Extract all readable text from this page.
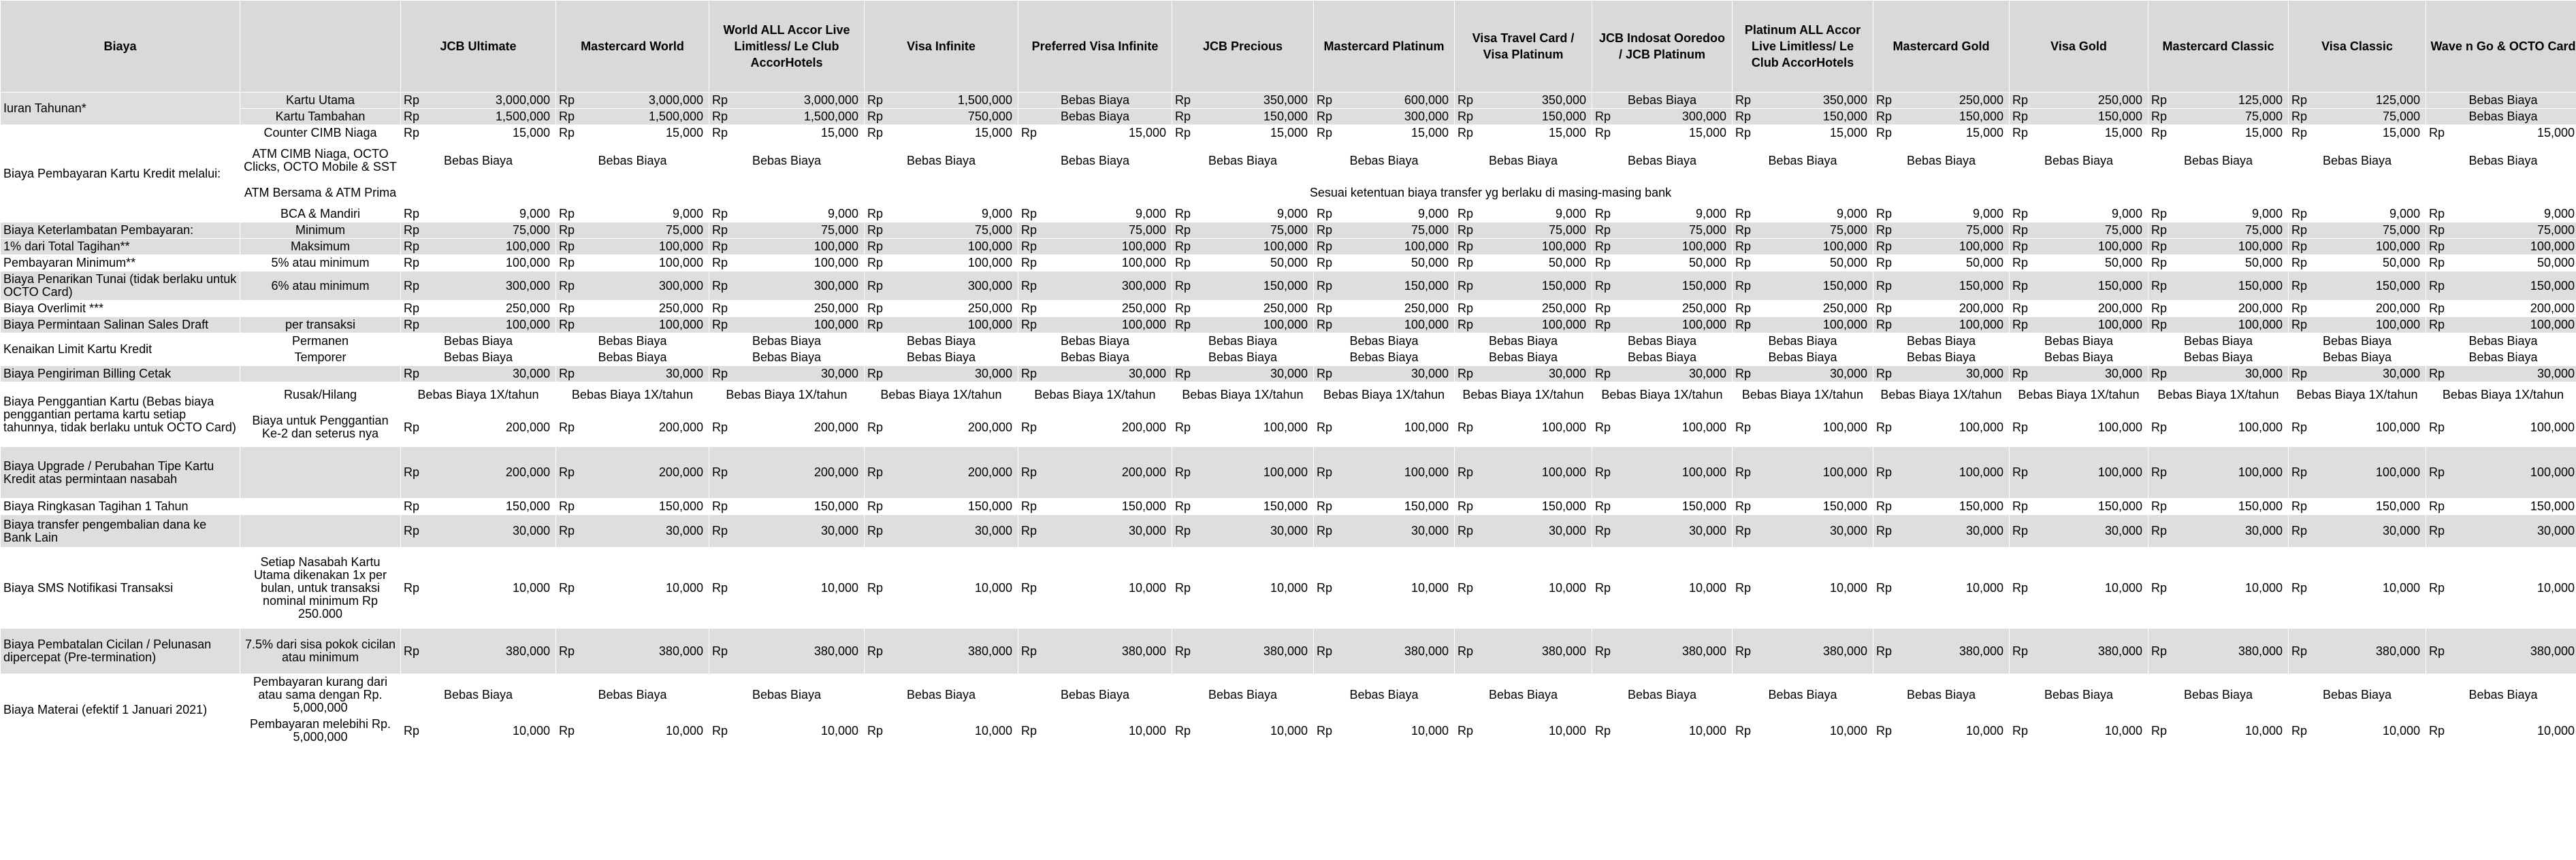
Biaya		JCB Ultimate	Mastercard World	World ALL Accor Live Limitless/ Le Club AccorHotels	Visa Infinite	Preferred Visa Infinite	JCB Precious	Mastercard Platinum	Visa Travel Card / Visa Platinum	JCB Indosat Ooredoo / JCB Platinum	Platinum ALL Accor Live Limitless/ Le Club AccorHotels	Mastercard Gold	Visa Gold	Mastercard Classic	Visa Classic	Wave n Go & OCTO Card
Iuran Tahunan*	Kartu Utama	Rp 3,000,000	Rp 3,000,000	Rp 3,000,000	Rp 1,500,000	Bebas Biaya	Rp 350,000	Rp 600,000	Rp 350,000	Bebas Biaya	Rp 350,000	Rp 250,000	Rp 250,000	Rp 125,000	Rp 125,000	Bebas Biaya
	Kartu Tambahan	Rp 1,500,000	Rp 1,500,000	Rp 1,500,000	Rp 750,000	Bebas Biaya	Rp 150,000	Rp 300,000	Rp 150,000	Rp 300,000	Rp 150,000	Rp 150,000	Rp 150,000	Rp 75,000	Rp 75,000	Bebas Biaya
Biaya Pembayaran Kartu Kredit melalui:	Counter CIMB Niaga	Rp 15,000	Rp 15,000	Rp 15,000	Rp 15,000	Rp 15,000	Rp 15,000	Rp 15,000	Rp 15,000	Rp 15,000	Rp 15,000	Rp 15,000	Rp 15,000	Rp 15,000	Rp 15,000	Rp 15,000

	ATM CIMB Niaga, OCTO Clicks, OCTO Mobile & SST	Bebas Biaya	Bebas Biaya	Bebas Biaya	Bebas Biaya	Bebas Biaya	Bebas Biaya	Bebas Biaya	Bebas Biaya	Bebas Biaya	Bebas Biaya	Bebas Biaya	Bebas Biaya	Bebas Biaya	Bebas Biaya	Bebas Biaya
	ATM Bersama & ATM Prima	Sesuai ketentuan biaya transfer yg berlaku di masing-masing bank														
	BCA & Mandiri	Rp 9,000	Rp 9,000	Rp 9,000	Rp 9,000	Rp 9,000	Rp 9,000	Rp 9,000	Rp 9,000	Rp 9,000	Rp 9,000	Rp 9,000	Rp 9,000	Rp 9,000	Rp 9,000	Rp 9,000

Biaya Keterlambatan Pembayaran:	Minimum	Rp 75,000	Rp 75,000	Rp 75,000	Rp 75,000	Rp 75,000	Rp 75,000	Rp 75,000	Rp 75,000	Rp 75,000	Rp 75,000	Rp 75,000	Rp 75,000	Rp 75,000	Rp 75,000	Rp 75,000

1% dari Total Tagihan**	Maksimum	Rp 100,000	Rp 100,000	Rp 100,000	Rp 100,000	Rp 100,000	Rp 100,000	Rp 100,000	Rp 100,000	Rp 100,000	Rp 100,000	Rp 100,000	Rp 100,000	Rp 100,000	Rp 100,000	Rp 100,000

Pembayaran Minimum**	5% atau minimum	Rp 100,000	Rp 100,000	Rp 100,000	Rp 100,000	Rp 100,000	Rp 50,000	Rp 50,000	Rp 50,000	Rp 50,000	Rp 50,000	Rp 50,000	Rp 50,000	Rp 50,000	Rp 50,000	Rp 50,000

Biaya Penarikan Tunai (tidak berlaku untuk OCTO Card)	6% atau minimum	Rp 300,000	Rp 300,000	Rp 300,000	Rp 300,000	Rp 300,000	Rp 150,000	Rp 150,000	Rp 150,000	Rp 150,000	Rp 150,000	Rp 150,000	Rp 150,000	Rp 150,000	Rp 150,000	Rp 150,000

Biaya Overlimit ***		Rp 250,000	Rp 250,000	Rp 250,000	Rp 250,000	Rp 250,000	Rp 250,000	Rp 250,000	Rp 250,000	Rp 250,000	Rp 250,000	Rp 200,000	Rp 200,000	Rp 200,000	Rp 200,000	Rp 200,000

Biaya Permintaan Salinan Sales Draft	per transaksi	Rp 100,000	Rp 100,000	Rp 100,000	Rp 100,000	Rp 100,000	Rp 100,000	Rp 100,000	Rp 100,000	Rp 100,000	Rp 100,000	Rp 100,000	Rp 100,000	Rp 100,000	Rp 100,000	Rp 100,000

Kenaikan Limit Kartu Kredit	Permanen	Bebas Biaya	Bebas Biaya	Bebas Biaya	Bebas Biaya	Bebas Biaya	Bebas Biaya	Bebas Biaya	Bebas Biaya	Bebas Biaya	Bebas Biaya	Bebas Biaya	Bebas Biaya	Bebas Biaya	Bebas Biaya	Bebas Biaya
	Temporer	Bebas Biaya	Bebas Biaya	Bebas Biaya	Bebas Biaya	Bebas Biaya	Bebas Biaya	Bebas Biaya	Bebas Biaya	Bebas Biaya	Bebas Biaya	Bebas Biaya	Bebas Biaya	Bebas Biaya	Bebas Biaya	Bebas Biaya
Biaya Pengiriman Billing Cetak		Rp 30,000	Rp 30,000	Rp 30,000	Rp 30,000	Rp 30,000	Rp 30,000	Rp 30,000	Rp 30,000	Rp 30,000	Rp 30,000	Rp 30,000	Rp 30,000	Rp 30,000	Rp 30,000	Rp 30,000

Biaya Penggantian Kartu (Bebas biaya penggantian pertama kartu setiap tahunnya, tidak berlaku untuk OCTO Card)	Rusak/Hilang	Bebas Biaya 1X/tahun	Bebas Biaya 1X/tahun	Bebas Biaya 1X/tahun	Bebas Biaya 1X/tahun	Bebas Biaya 1X/tahun	Bebas Biaya 1X/tahun	Bebas Biaya 1X/tahun	Bebas Biaya 1X/tahun	Bebas Biaya 1X/tahun	Bebas Biaya 1X/tahun	Bebas Biaya 1X/tahun	Bebas Biaya 1X/tahun	Bebas Biaya 1X/tahun	Bebas Biaya 1X/tahun	Bebas Biaya 1X/tahun
	Biaya untuk Penggantian Ke-2 dan seterus nya	Rp 200,000	Rp 200,000	Rp 200,000	Rp 200,000	Rp 200,000	Rp 100,000	Rp 100,000	Rp 100,000	Rp 100,000	Rp 100,000	Rp 100,000	Rp 100,000	Rp 100,000	Rp 100,000	Rp 100,000

Biaya Upgrade / Perubahan Tipe Kartu Kredit atas permintaan nasabah		Rp 200,000	Rp 200,000	Rp 200,000	Rp 200,000	Rp 200,000	Rp 100,000	Rp 100,000	Rp 100,000	Rp 100,000	Rp 100,000	Rp 100,000	Rp 100,000	Rp 100,000	Rp 100,000	Rp 100,000

Biaya Ringkasan Tagihan 1 Tahun		Rp 150,000	Rp 150,000	Rp 150,000	Rp 150,000	Rp 150,000	Rp 150,000	Rp 150,000	Rp 150,000	Rp 150,000	Rp 150,000	Rp 150,000	Rp 150,000	Rp 150,000	Rp 150,000	Rp 150,000

Biaya transfer pengembalian dana ke Bank Lain		Rp 30,000	Rp 30,000	Rp 30,000	Rp 30,000	Rp 30,000	Rp 30,000	Rp 30,000	Rp 30,000	Rp 30,000	Rp 30,000	Rp 30,000	Rp 30,000	Rp 30,000	Rp 30,000	Rp 30,000

Biaya SMS Notifikasi Transaksi	Setiap Nasabah Kartu Utama dikenakan 1x per bulan, untuk transaksi nominal minimum Rp 250.000	Rp 10,000	Rp 10,000	Rp 10,000	Rp 10,000	Rp 10,000	Rp 10,000	Rp 10,000	Rp 10,000	Rp 10,000	Rp 10,000	Rp 10,000	Rp 10,000	Rp 10,000	Rp 10,000	Rp 10,000

Biaya Pembatalan Cicilan / Pelunasan dipercepat (Pre-termination)	7.5% dari sisa pokok cicilan atau minimum	Rp 380,000	Rp 380,000	Rp 380,000	Rp 380,000	Rp 380,000	Rp 380,000	Rp 380,000	Rp 380,000	Rp 380,000	Rp 380,000	Rp 380,000	Rp 380,000	Rp 380,000	Rp 380,000	Rp 380,000

Biaya Materai (efektif 1 Januari 2021)	Pembayaran kurang dari atau sama dengan Rp. 5,000,000	Bebas Biaya	Bebas Biaya	Bebas Biaya	Bebas Biaya	Bebas Biaya	Bebas Biaya	Bebas Biaya	Bebas Biaya	Bebas Biaya	Bebas Biaya	Bebas Biaya	Bebas Biaya	Bebas Biaya	Bebas Biaya	Bebas Biaya
	Pembayaran melebihi Rp. 5,000,000	Rp 10,000	Rp 10,000	Rp 10,000	Rp 10,000	Rp 10,000	Rp 10,000	Rp 10,000	Rp 10,000	Rp 10,000	Rp 10,000	Rp 10,000	Rp 10,000	Rp 10,000	Rp 10,000	Rp 10,000
